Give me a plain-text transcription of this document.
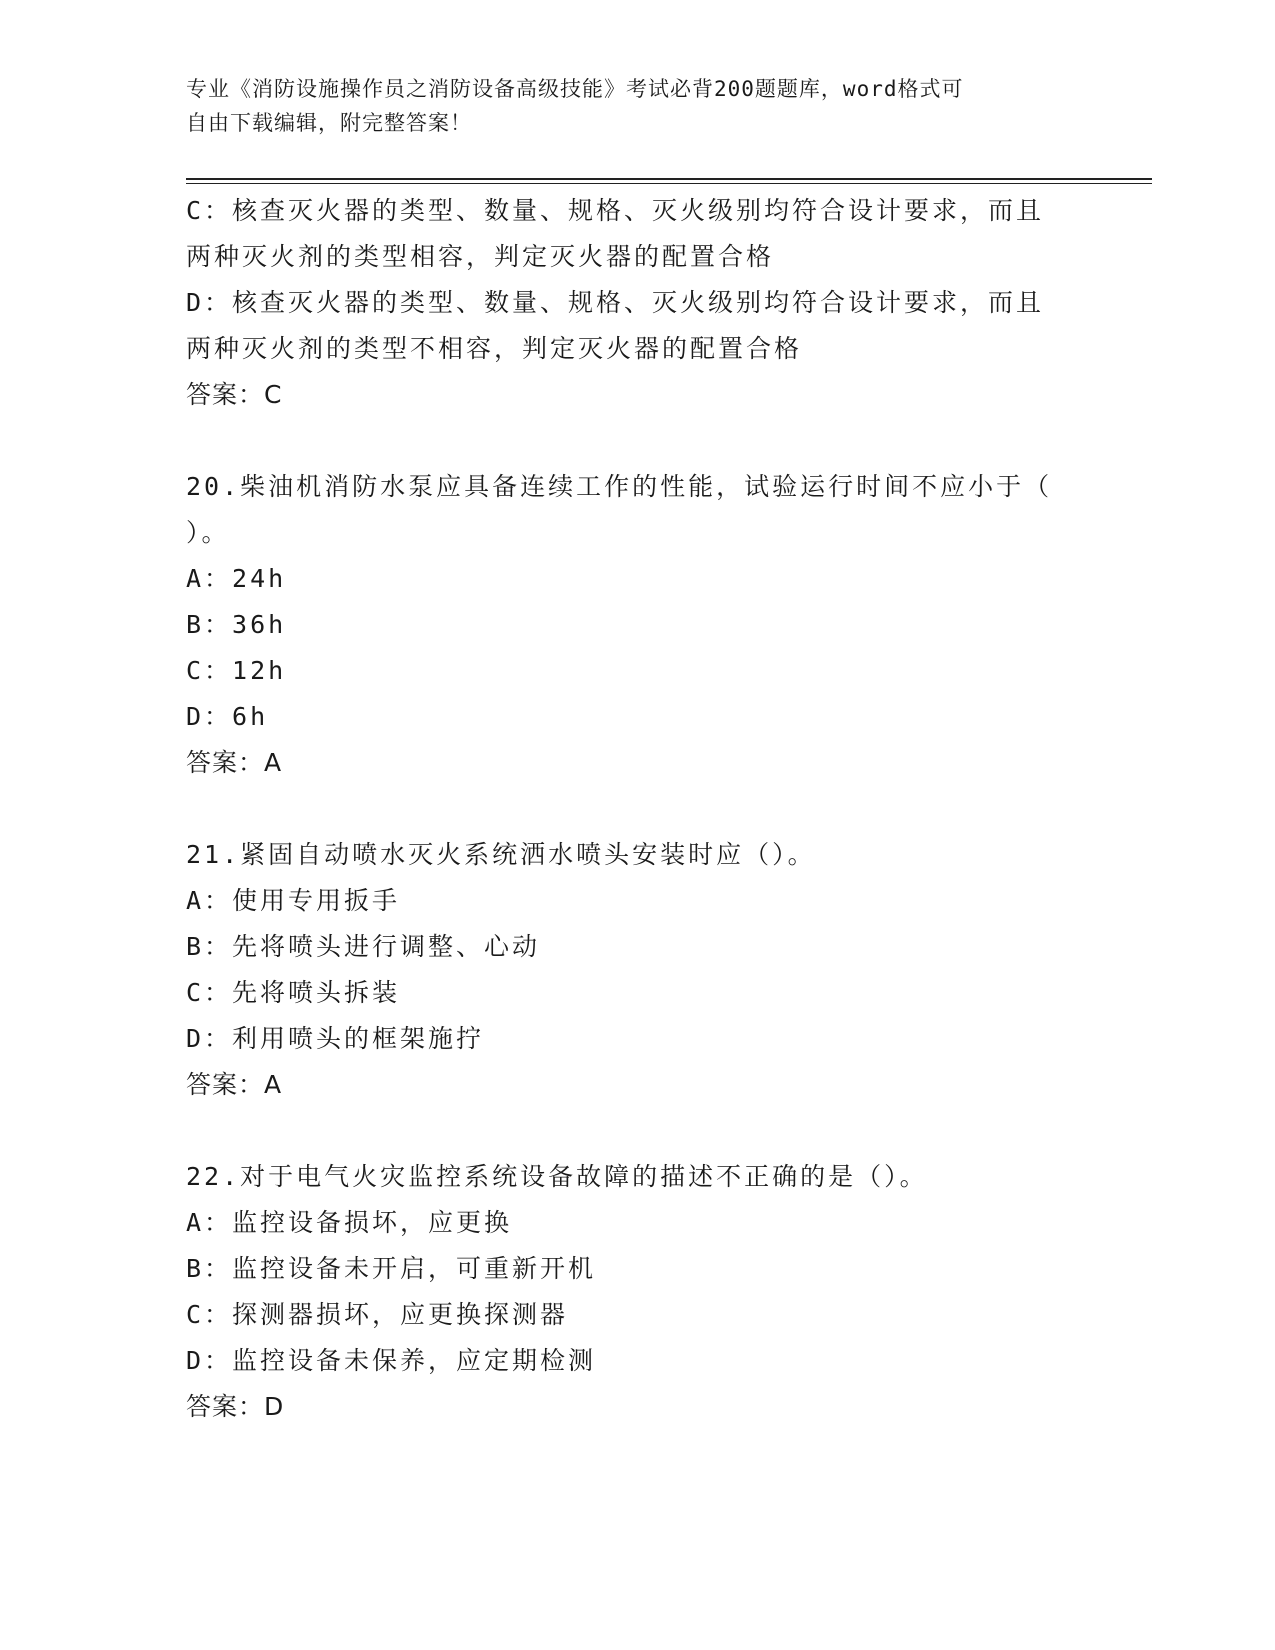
专业《消防设施操作员之消防设备高级技能》考试必背200题题库，word格式可
自由下载编辑，附完整答案！
C：核查灭火器的类型、数量、规格、灭火级别均符合设计要求，而且
两种灭火剂的类型相容，判定灭火器的配置合格
D：核查灭火器的类型、数量、规格、灭火级别均符合设计要求，而且
两种灭火剂的类型不相容，判定灭火器的配置合格
答案：C
20.柴油机消防水泵应具备连续工作的性能，试验运行时间不应小于（
）。
A：24h
B：36h
C：12h
D：6h
答案：A
21.紧固自动喷水灭火系统洒水喷头安装时应（）。
A：使用专用扳手
B：先将喷头进行调整、心动
C：先将喷头拆装
D：利用喷头的框架施拧
答案：A
22.对于电气火灾监控系统设备故障的描述不正确的是（）。
A：监控设备损坏，应更换
B：监控设备未开启，可重新开机
C：探测器损坏，应更换探测器
D：监控设备未保养，应定期检测
答案：D
